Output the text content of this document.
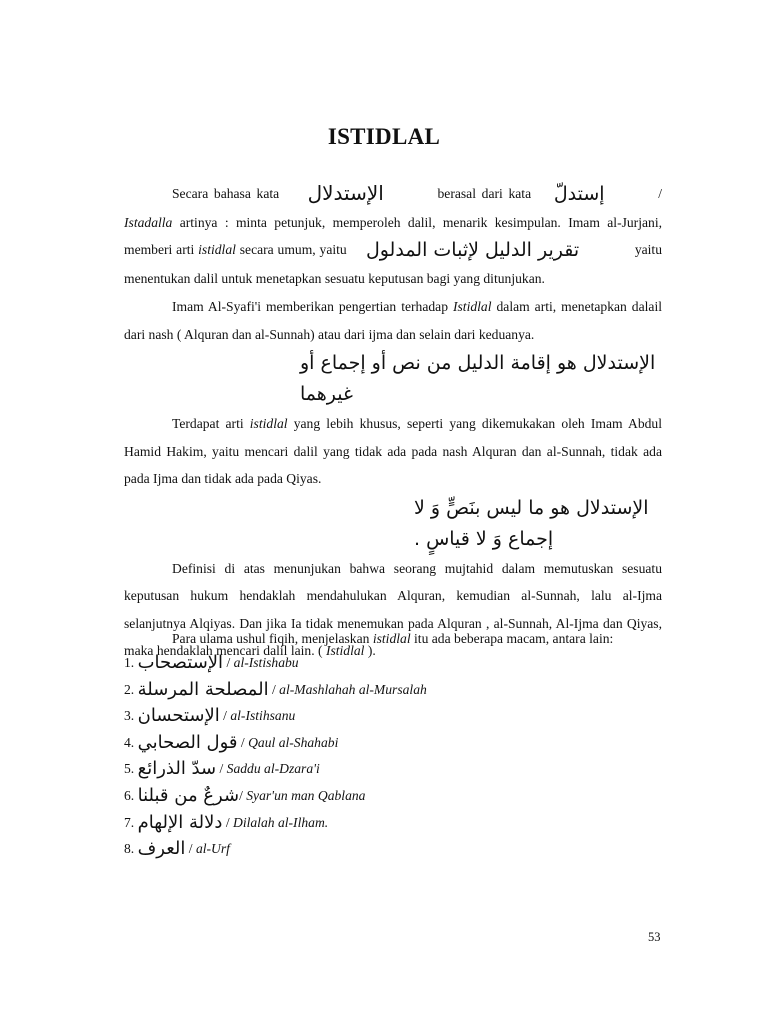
ISTIDLAL

Secara bahasa kata الإستدلال	berasal dari kata إستدلّ	/ Istadalla artinya : minta petunjuk, memperoleh dalil, menarik kesimpulan. Imam al-Jurjani, memberi arti istidlal secara umum, yaitu تقرير الدليل لإثبات المدلول	yaitu menentukan dalil untuk menetapkan sesuatu keputusan bagi yang ditunjukan.

Imam Al-Syafi'i memberikan pengertian terhadap Istidlal dalam arti, menetapkan dalail dari nash ( Alquran dan al-Sunnah) atau dari ijma dan selain dari keduanya.

الإستدلال هو إقامة الدليل من نص أو إجماع أو غيرهما

Terdapat arti istidlal yang lebih khusus, seperti yang dikemukakan oleh Imam Abdul Hamid Hakim, yaitu mencari dalil yang tidak ada pada nash Alquran dan al-Sunnah, tidak ada pada Ijma dan tidak ada pada Qiyas.

الإستدلال هو ما ليس بنَصٍّ وَ لا إجماع وَ لا قياسٍ .

Definisi di atas menunjukan bahwa seorang mujtahid dalam memutuskan sesuatu keputusan hukum hendaklah mendahulukan Alquran, kemudian al-Sunnah, lalu al-Ijma selanjutnya Alqiyas. Dan jika Ia tidak menemukan pada Alquran , al-Sunnah, Al-Ijma dan Qiyas, maka hendaklah mencari dalil lain. ( Istidlal ).

Para ulama ushul fiqih, menjelaskan istidlal itu ada beberapa macam, antara lain:

1. الإستصحاب / al-Istishabu
2. المصلحة المرسلة / al-Mashlahah al-Mursalah
3. الإستحسان / al-Istihsanu
4. قول الصحابي / Qaul al-Shahabi
5. سدّ الذرائع / Saddu al-Dzara'i
6. شرعٌ من قبلنا/ Syar'un man Qablana
7. دلالة الإلهام / Dilalah al-Ilham.
8. العرف / al-Urf
53
